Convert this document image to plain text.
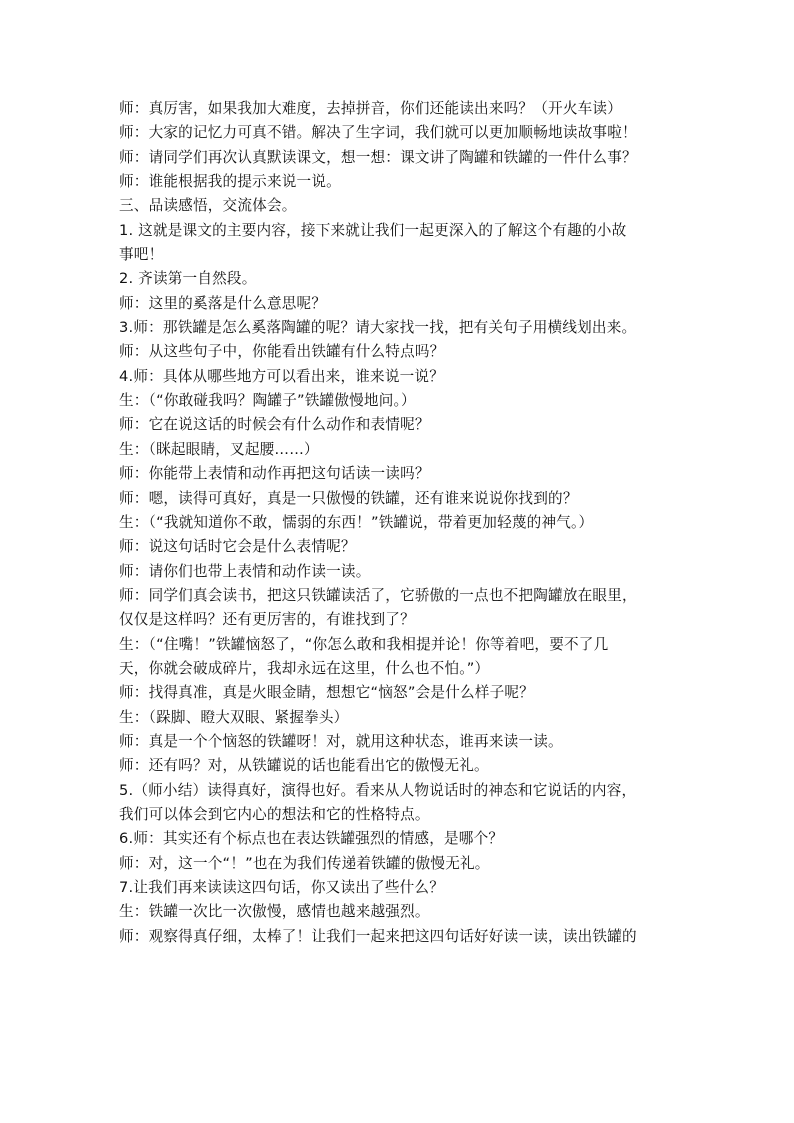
师：真厉害，如果我加大难度，去掉拼音，你们还能读出来吗？（开火车读）
师：大家的记忆力可真不错。解决了生字词，我们就可以更加顺畅地读故事啦！
师：请同学们再次认真默读课文，想一想：课文讲了陶罐和铁罐的一件什么事？
师：谁能根据我的提示来说一说。
三、品读感悟，交流体会。
1. 这就是课文的主要内容，接下来就让我们一起更深入的了解这个有趣的小故
事吧！
2. 齐读第一自然段。
师：这里的奚落是什么意思呢？
3.师：那铁罐是怎么奚落陶罐的呢？请大家找一找，把有关句子用横线划出来。
师：从这些句子中，你能看出铁罐有什么特点吗？
4.师：具体从哪些地方可以看出来，谁来说一说？
生：（“你敢碰我吗？陶罐子”铁罐傲慢地问。）
师：它在说这话的时候会有什么动作和表情呢？
生：（眯起眼睛，叉起腰……）
师：你能带上表情和动作再把这句话读一读吗？
师：嗯，读得可真好，真是一只傲慢的铁罐，还有谁来说说你找到的？
生：（“我就知道你不敢，懦弱的东西！”铁罐说，带着更加轻蔑的神气。）
师：说这句话时它会是什么表情呢？
师：请你们也带上表情和动作读一读。
师：同学们真会读书，把这只铁罐读活了，它骄傲的一点也不把陶罐放在眼里，
仅仅是这样吗？还有更厉害的，有谁找到了？
生：（“住嘴！”铁罐恼怒了，“你怎么敢和我相提并论！你等着吧，要不了几
天，你就会破成碎片，我却永远在这里，什么也不怕。”）
师：找得真准，真是火眼金睛，想想它“恼怒”会是什么样子呢？
生：（跺脚、瞪大双眼、紧握拳头）
师：真是一个个恼怒的铁罐呀！对，就用这种状态，谁再来读一读。
师：还有吗？对，从铁罐说的话也能看出它的傲慢无礼。
5.（师小结）读得真好，演得也好。看来从人物说话时的神态和它说话的内容，
我们可以体会到它内心的想法和它的性格特点。
6.师：其实还有个标点也在表达铁罐强烈的情感，是哪个？
师：对，这一个“！”也在为我们传递着铁罐的傲慢无礼。
7.让我们再来读读这四句话，你又读出了些什么？
生：铁罐一次比一次傲慢，感情也越来越强烈。
师：观察得真仔细，太棒了！让我们一起来把这四句话好好读一读，读出铁罐的
